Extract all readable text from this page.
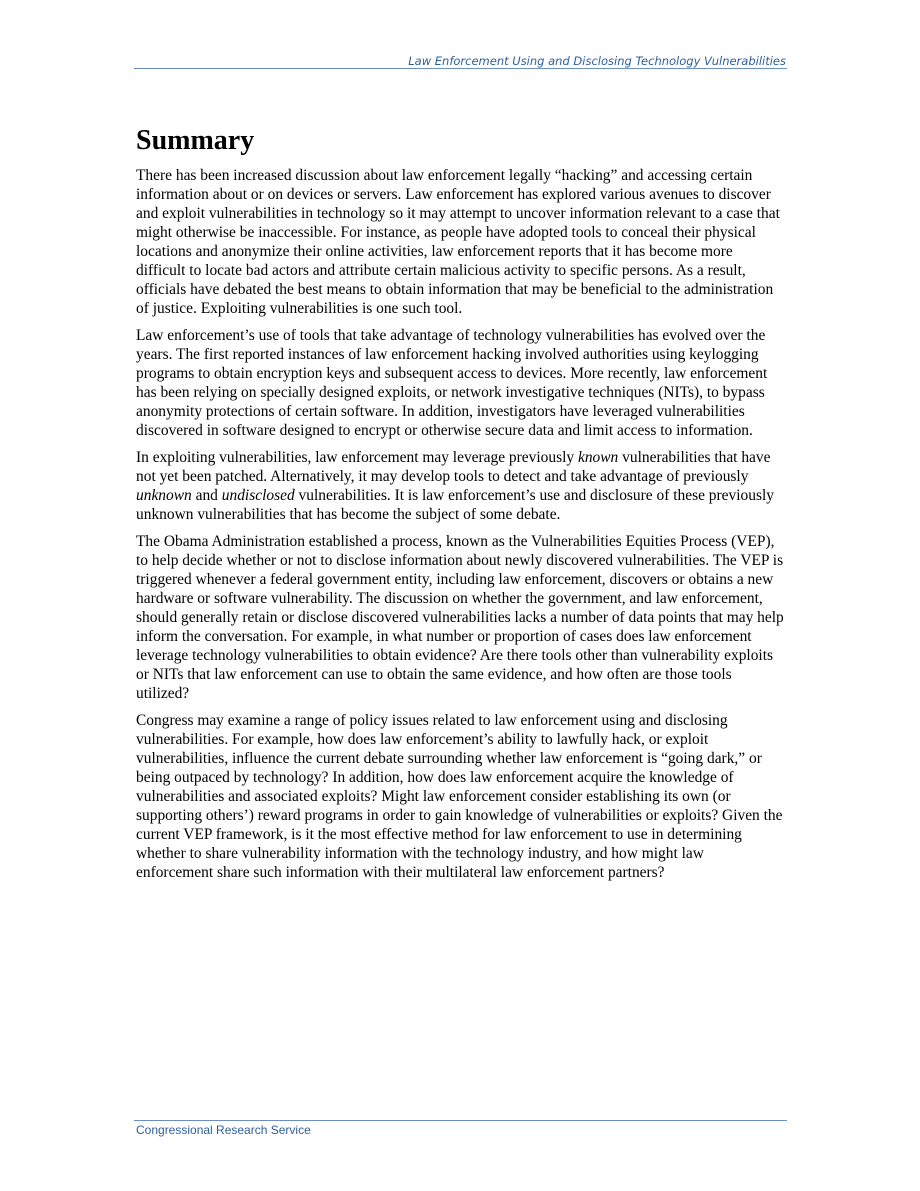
Law Enforcement Using and Disclosing Technology Vulnerabilities
Summary

There has been increased discussion about law enforcement legally “hacking” and accessing certain information about or on devices or servers. Law enforcement has explored various avenues to discover and exploit vulnerabilities in technology so it may attempt to uncover information relevant to a case that might otherwise be inaccessible. For instance, as people have adopted tools to conceal their physical locations and anonymize their online activities, law enforcement reports that it has become more difficult to locate bad actors and attribute certain malicious activity to specific persons. As a result, officials have debated the best means to obtain information that may be beneficial to the administration of justice. Exploiting vulnerabilities is one such tool.

Law enforcement’s use of tools that take advantage of technology vulnerabilities has evolved over the years. The first reported instances of law enforcement hacking involved authorities using keylogging programs to obtain encryption keys and subsequent access to devices. More recently, law enforcement has been relying on specially designed exploits, or network investigative techniques (NITs), to bypass anonymity protections of certain software. In addition, investigators have leveraged vulnerabilities discovered in software designed to encrypt or otherwise secure data and limit access to information.

In exploiting vulnerabilities, law enforcement may leverage previously known vulnerabilities that have not yet been patched. Alternatively, it may develop tools to detect and take advantage of previously unknown and undisclosed vulnerabilities. It is law enforcement’s use and disclosure of these previously unknown vulnerabilities that has become the subject of some debate.

The Obama Administration established a process, known as the Vulnerabilities Equities Process (VEP), to help decide whether or not to disclose information about newly discovered vulnerabilities. The VEP is triggered whenever a federal government entity, including law enforcement, discovers or obtains a new hardware or software vulnerability. The discussion on whether the government, and law enforcement, should generally retain or disclose discovered vulnerabilities lacks a number of data points that may help inform the conversation. For example, in what number or proportion of cases does law enforcement leverage technology vulnerabilities to obtain evidence? Are there tools other than vulnerability exploits or NITs that law enforcement can use to obtain the same evidence, and how often are those tools utilized?

Congress may examine a range of policy issues related to law enforcement using and disclosing vulnerabilities. For example, how does law enforcement’s ability to lawfully hack, or exploit vulnerabilities, influence the current debate surrounding whether law enforcement is “going dark,” or being outpaced by technology? In addition, how does law enforcement acquire the knowledge of vulnerabilities and associated exploits? Might law enforcement consider establishing its own (or supporting others’) reward programs in order to gain knowledge of vulnerabilities or exploits? Given the current VEP framework, is it the most effective method for law enforcement to use in determining whether to share vulnerability information with the technology industry, and how might law enforcement share such information with their multilateral law enforcement partners?

Congressional Research Service
